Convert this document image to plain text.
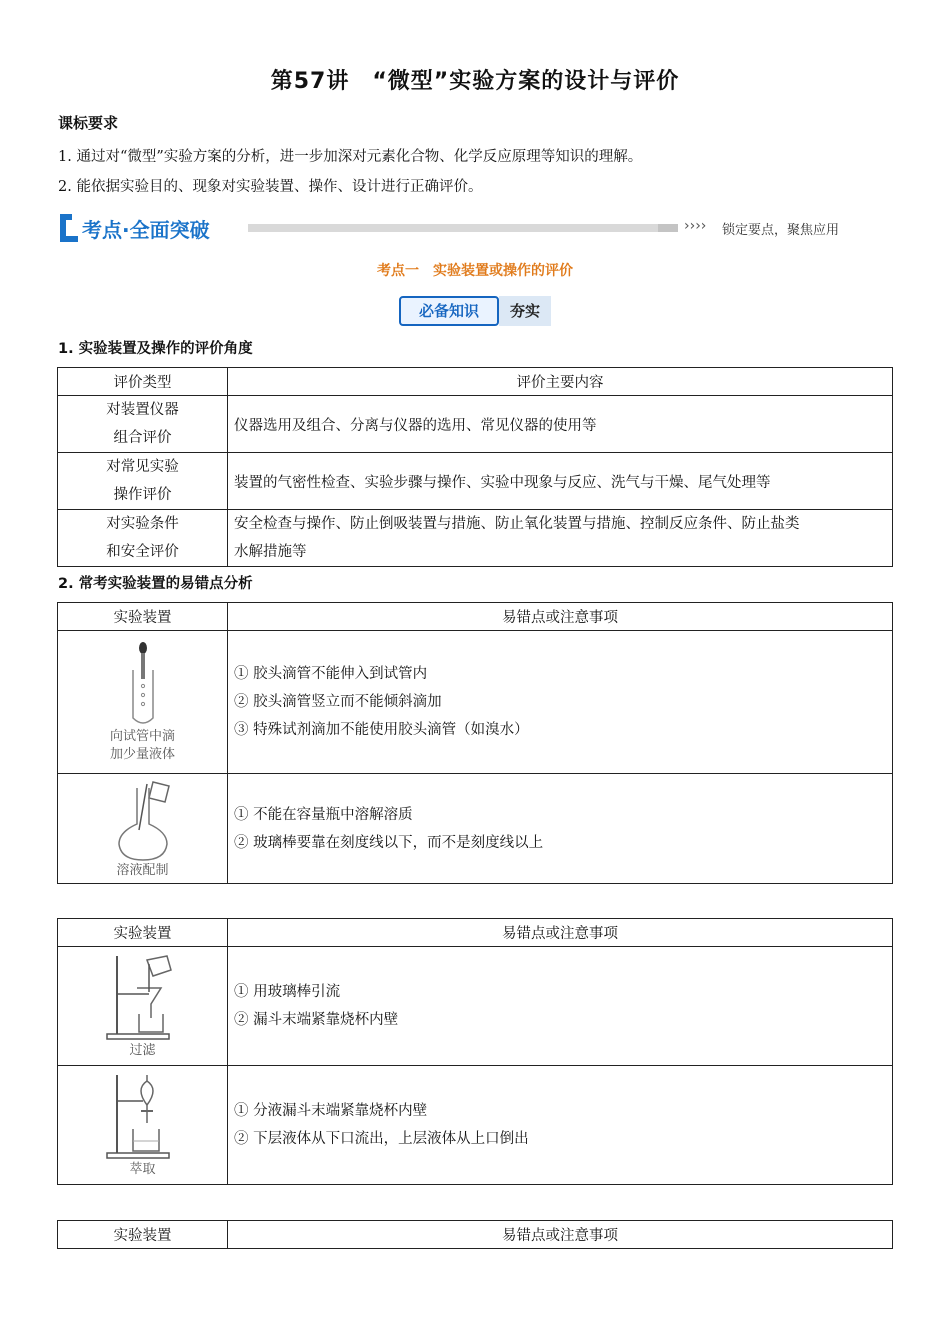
第57讲　“微型”实验方案的设计与评价
课标要求
1. 通过对“微型”实验方案的分析，进一步加深对元素化合物、化学反应原理等知识的理解。
2. 能依据实验目的、现象对实验装置、操作、设计进行正确评价。
考点·全面突破	›››› 锁定要点，聚焦应用
考点一　实验装置或操作的评价
必备知识	夯实
1. 实验装置及操作的评价角度
评价类型	评价主要内容

对装置仪器
组合评价	仪器选用及组合、分离与仪器的选用、常见仪器的使用等

对常见实验
操作评价	装置的气密性检查、实验步骤与操作、实验中现象与反应、洗气与干燥、尾气处理等

对实验条件
和安全评价	安全检查与操作、防止倒吸装置与措施、防止氧化装置与措施、控制反应条件、防止盐类
水解措施等
2. 常考实验装置的易错点分析
实验装置	易错点或注意事项

向试管中滴
加少量液体	① 胶头滴管不能伸入到试管内
② 胶头滴管竖立而不能倾斜滴加
③ 特殊试剂滴加不能使用胶头滴管（如溴水）

溶液配制	① 不能在容量瓶中溶解溶质
② 玻璃棒要靠在刻度线以下，而不是刻度线以上
实验装置	易错点或注意事项

过滤	① 用玻璃棒引流
② 漏斗末端紧靠烧杯内壁

萃取	① 分液漏斗末端紧靠烧杯内壁
② 下层液体从下口流出，上层液体从上口倒出
实验装置	易错点或注意事项
